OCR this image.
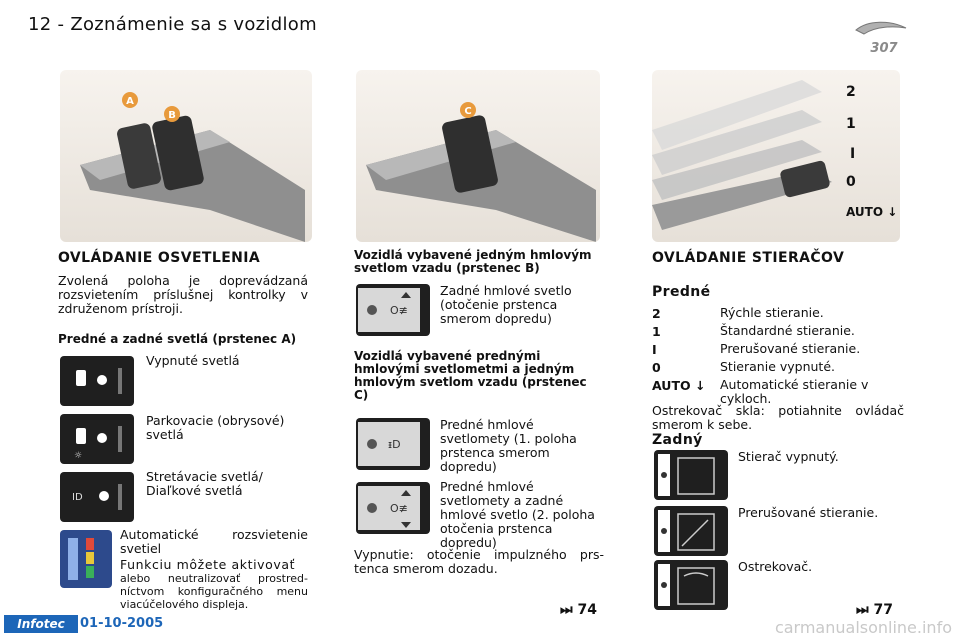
12 - Zoznámenie sa s vozidlom
307
A
B	C
2
1
I
0
AUTO ↓
OVLÁDANIE OSVETLENIA
Zvolená poloha je doprevádzaná rozsvietením príslušnej kontrolky v združenom prístroji.
Predné a zadné svetlá (prstenec A)
Vypnuté svetlá
☼
Parkovacie (obrysové) svetlá
ID
Stretávacie svetlá/ Diaľkové svetlá
Automatické rozsvietenie svetiel
Funkciu môžete aktivovať
alebo neutralizovať prostred-níctvom konfiguračného menu viacúčelového displeja.
Vozidlá vybavené jedným hmlovým svetlom vzadu (prstenec B)
O≢
Zadné hmlové svetlo (otočenie prstenca smerom dopredu)
Vozidlá vybavené prednými hmlovými svetlometmi a jedným hmlovým svetlom vzadu (prstenec C)
ᵻD
Predné hmlové svetlomety (1. poloha prstenca smerom dopredu)
O≢
Predné hmlové svetlomety a zadné hmlové svetlo (2. poloha otočenia prstenca dopredu)
Vypnutie: otočenie impulzného prs-tenca smerom dozadu.
⏭ 74
OVLÁDANIE STIERAČOV
Predné
2	Rýchle stieranie.
1	Štandardné stieranie.
I	Prerušované stieranie.
0	Stieranie vypnuté.
AUTO ↓ Automatické stieranie v cykloch.
Ostrekovač skla: potiahnite ovládač smerom k sebe.
Zadný
Stierač vypnutý.
Prerušované stieranie.
Ostrekovač.
⏭ 77
Infotec	01-10-2005	carmanualsonline.info
